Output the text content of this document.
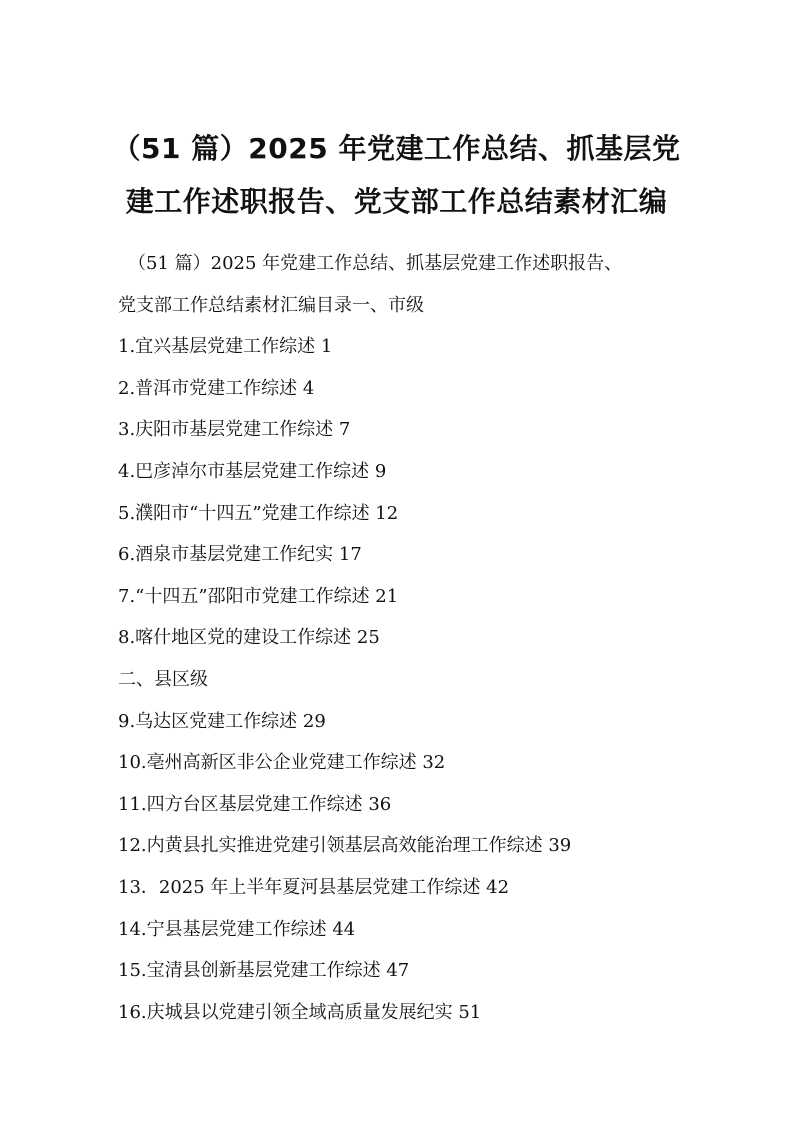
（51 篇）2025 年党建工作总结、抓基层党
建工作述职报告、党支部工作总结素材汇编
（51 篇）2025 年党建工作总结、抓基层党建工作述职报告、
党支部工作总结素材汇编目录一、市级
1.宜兴基层党建工作综述 1
2.普洱市党建工作综述 4
3.庆阳市基层党建工作综述 7
4.巴彦淖尔市基层党建工作综述 9
5.濮阳市“十四五”党建工作综述 12
6.酒泉市基层党建工作纪实 17
7.“十四五”邵阳市党建工作综述 21
8.喀什地区党的建设工作综述 25
二、县区级
9.乌达区党建工作综述 29
10.亳州高新区非公企业党建工作综述 32
11.四方台区基层党建工作综述 36
12.内黄县扎实推进党建引领基层高效能治理工作综述 39
13．2025 年上半年夏河县基层党建工作综述 42
14.宁县基层党建工作综述 44
15.宝清县创新基层党建工作综述 47
16.庆城县以党建引领全域高质量发展纪实 51
